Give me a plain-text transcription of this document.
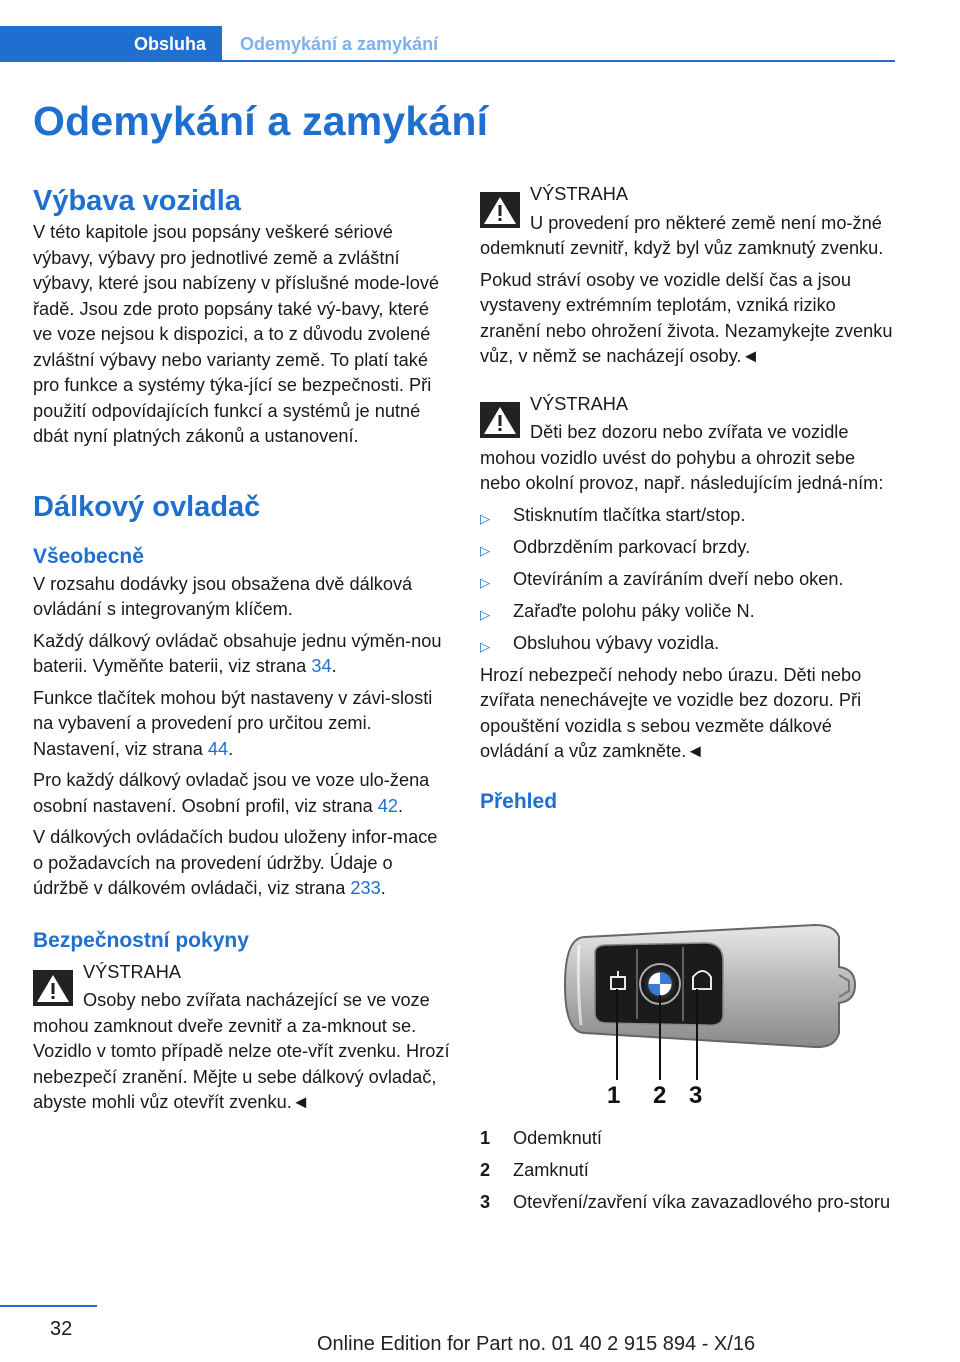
Obsluha Odemykání a zamykání
Odemykání a zamykání
Výbava vozidla

V této kapitole jsou popsány veškeré sériové výbavy, výbavy pro jednotlivé země a zvláštní výbavy, které jsou nabízeny v příslušné mode‐lové řadě. Jsou zde proto popsány také vý‐bavy, které ve voze nejsou k dispozici, a to z důvodu zvolené zvláštní výbavy nebo varianty země. To platí také pro funkce a systémy týka‐jící se bezpečnosti. Při použití odpovídajících funkcí a systémů je nutné dbát nyní platných zákonů a ustanovení.

Dálkový ovladač
Všeobecně

V rozsahu dodávky jsou obsažena dvě dálková ovládání s integrovaným klíčem.

Každý dálkový ovládač obsahuje jednu výměn‐nou baterii. Vyměňte baterii, viz strana 34.

Funkce tlačítek mohou být nastaveny v závi‐slosti na vybavení a provedení pro určitou zemi. Nastavení, viz strana 44.

Pro každý dálkový ovladač jsou ve voze ulo‐žena osobní nastavení. Osobní profil, viz strana 42.

V dálkových ovládačích budou uloženy infor‐mace o požadavcích na provedení údržby. Údaje o údržbě v dálkovém ovládači, viz strana 233.

Bezpečnostní pokyny

VÝSTRAHA

Osoby nebo zvířata nacházející se ve voze mohou zamknout dveře zevnitř a za‐mknout se. Vozidlo v tomto případě nelze ote‐vřít zvenku. Hrozí nebezpečí zranění. Mějte u sebe dálkový ovladač, abyste mohli vůz otevřít zvenku.◄

VÝSTRAHA

U provedení pro některé země není mo‐žné odemknutí zevnitř, když byl vůz zamknutý zvenku.

Pokud stráví osoby ve vozidle delší čas a jsou vystaveny extrémním teplotám, vzniká riziko zranění nebo ohrožení života. Nezamykejte zvenku vůz, v němž se nacházejí osoby.◄

VÝSTRAHA

Děti bez dozoru nebo zvířata ve vozidle mohou vozidlo uvést do pohybu a ohrozit sebe nebo okolní provoz, např. následujícím jedná‐ním:

▷ Stisknutím tlačítka start/stop.
▷ Odbrzděním parkovací brzdy.
▷ Otevíráním a zavíráním dveří nebo oken.
▷ Zařaďte polohu páky voliče N.
▷ Obsluhou výbavy vozidla.

Hrozí nebezpečí nehody nebo úrazu. Děti nebo zvířata nenechávejte ve vozidle bez dozoru. Při opouštění vozidla s sebou vezměte dálkové ovládání a vůz zamkněte.◄

Přehled
1 2 3
1	Odemknutí
2	Zamknutí
3	Otevření/zavření víka zavazadlového pro‐storu
32
Online Edition for Part no. 01 40 2 915 894 - X/16
